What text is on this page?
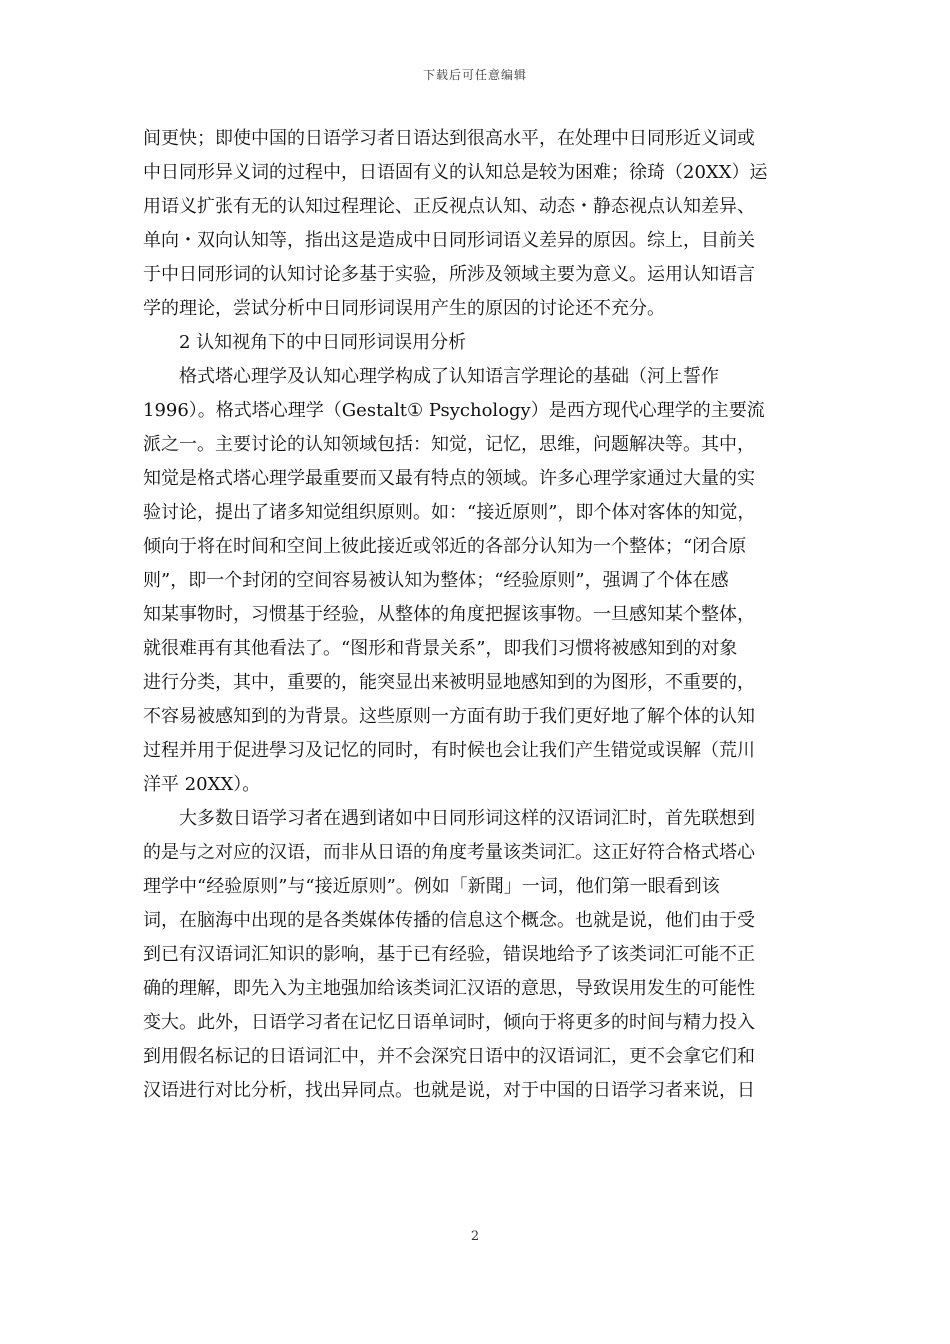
下载后可任意编辑
间更快；即使中国的日语学习者日语达到很高水平，在处理中日同形近义词或
中日同形异义词的过程中，日语固有义的认知总是较为困难；徐琦（20XX）运
用语义扩张有无的认知过程理论、正反视点认知、动态・静态视点认知差异、
单向・双向认知等，指出这是造成中日同形词语义差异的原因。综上，目前关
于中日同形词的认知讨论多基于实验，所涉及领域主要为意义。运用认知语言
学的理论，尝试分析中日同形词误用产生的原因的讨论还不充分。
　　2 认知视角下的中日同形词误用分析
　　格式塔心理学及认知心理学构成了认知语言学理论的基础（河上誓作
1996）。格式塔心理学（Gestalt① Psychology）是西方现代心理学的主要流
派之一。主要讨论的认知领域包括：知觉，记忆，思维，问题解决等。其中，
知觉是格式塔心理学最重要而又最有特点的领域。许多心理学家通过大量的实
验讨论，提出了诸多知觉组织原则。如：“接近原则”，即个体对客体的知觉，
倾向于将在时间和空间上彼此接近或邻近的各部分认知为一个整体；“闭合原
则”，即一个封闭的空间容易被认知为整体；“经验原则”，强调了个体在感
知某事物时，习惯基于经验，从整体的角度把握该事物。一旦感知某个整体，
就很难再有其他看法了。“图形和背景关系”，即我们习惯将被感知到的对象
进行分类，其中，重要的，能突显出来被明显地感知到的为图形，不重要的，
不容易被感知到的为背景。这些原则一方面有助于我们更好地了解个体的认知
过程并用于促进學习及记忆的同时，有时候也会让我们产生错觉或误解（荒川
洋平 20XX）。
　　大多数日语学习者在遇到诸如中日同形词这样的汉语词汇时，首先联想到
的是与之对应的汉语，而非从日语的角度考量该类词汇。这正好符合格式塔心
理学中“经验原则”与“接近原则”。例如「新聞」一词，他们第一眼看到该
词，在脑海中出现的是各类媒体传播的信息这个概念。也就是说，他们由于受
到已有汉语词汇知识的影响，基于已有经验，错误地给予了该类词汇可能不正
确的理解，即先入为主地强加给该类词汇汉语的意思，导致误用发生的可能性
变大。此外，日语学习者在记忆日语单词时，倾向于将更多的时间与精力投入
到用假名标记的日语词汇中，并不会深究日语中的汉语词汇，更不会拿它们和
汉语进行对比分析，找出异同点。也就是说，对于中国的日语学习者来说，日
2
